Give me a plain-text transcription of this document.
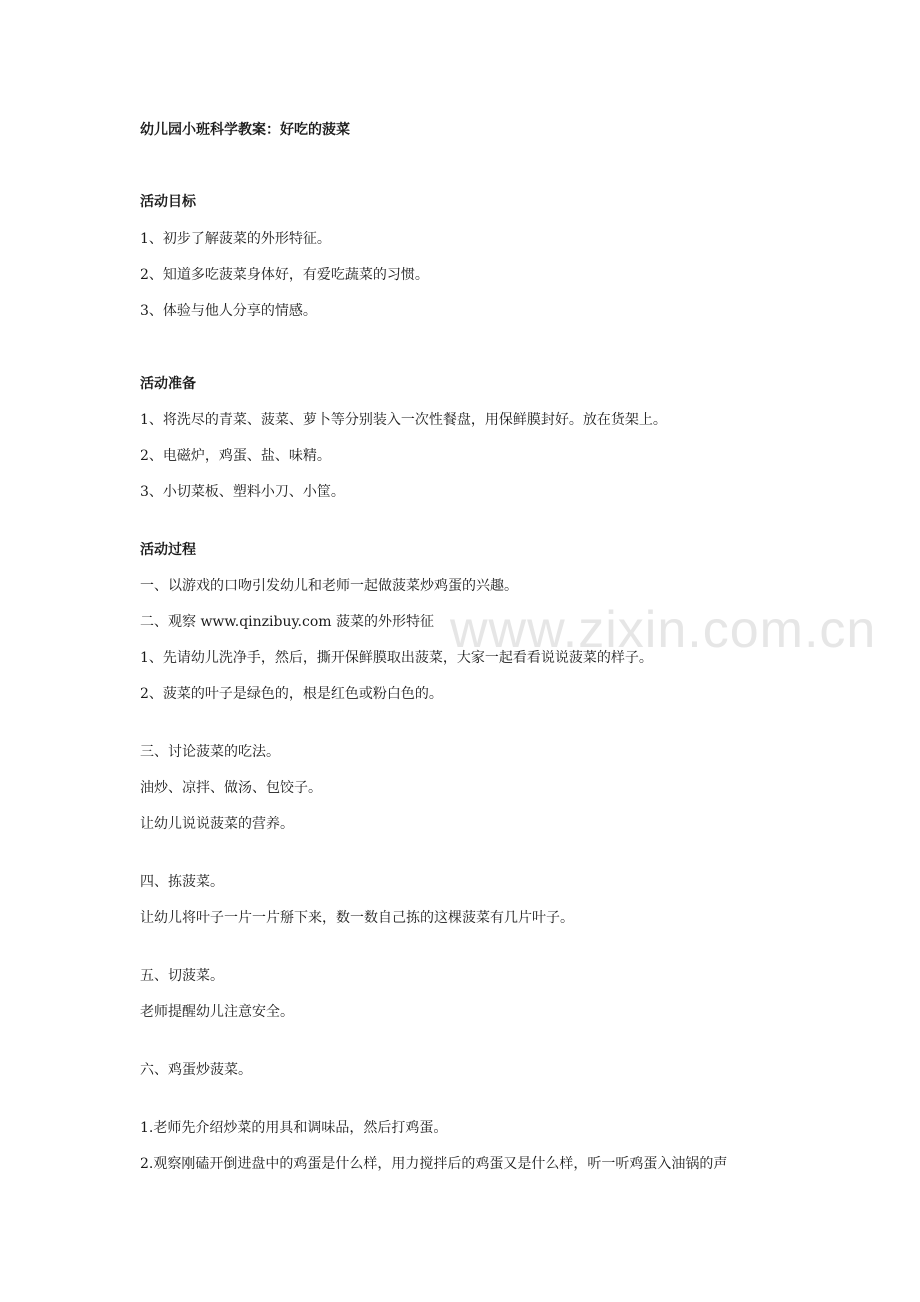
www.zixin.com.cn
幼儿园小班科学教案：好吃的菠菜
活动目标
1、初步了解菠菜的外形特征。
2、知道多吃菠菜身体好，有爱吃蔬菜的习惯。
3、体验与他人分享的情感。
活动准备
1、将洗尽的青菜、菠菜、萝卜等分别装入一次性餐盘，用保鲜膜封好。放在货架上。
2、电磁炉，鸡蛋、盐、味精。
3、小切菜板、塑料小刀、小筐。
活动过程
一、以游戏的口吻引发幼儿和老师一起做菠菜炒鸡蛋的兴趣。
二、观察 www.qinzibuy.com 菠菜的外形特征
1、先请幼儿洗净手，然后，撕开保鲜膜取出菠菜，大家一起看看说说菠菜的样子。
2、菠菜的叶子是绿色的，根是红色或粉白色的。
三、讨论菠菜的吃法。
油炒、凉拌、做汤、包饺子。
让幼儿说说菠菜的营养。
四、拣菠菜。
让幼儿将叶子一片一片掰下来，数一数自己拣的这棵菠菜有几片叶子。
五、切菠菜。
老师提醒幼儿注意安全。
六、鸡蛋炒菠菜。
1.老师先介绍炒菜的用具和调味品，然后打鸡蛋。
2.观察刚磕开倒进盘中的鸡蛋是什么样，用力搅拌后的鸡蛋又是什么样，听一听鸡蛋入油锅的声
